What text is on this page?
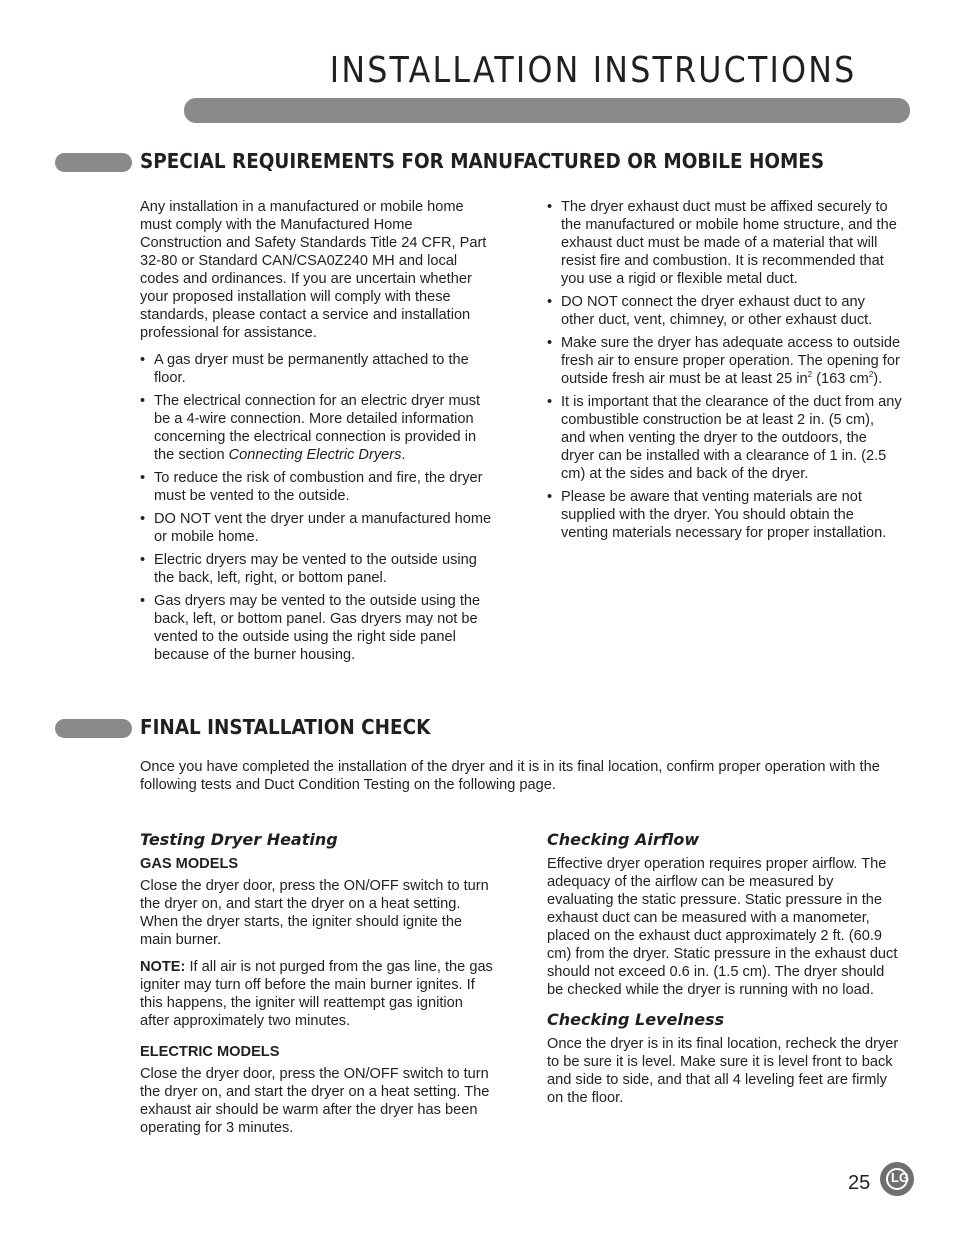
INSTALLATION INSTRUCTIONS
SPECIAL REQUIREMENTS FOR MANUFACTURED OR MOBILE HOMES

Any installation in a manufactured or mobile home must comply with the Manufactured Home Construction and Safety Standards Title 24 CFR, Part 32-80 or Standard CAN/CSA0Z240 MH and local codes and ordinances. If you are uncertain whether your proposed installation will comply with these standards, please contact a service and installation professional for assistance.

• A gas dryer must be permanently attached to the floor.
• The electrical connection for an electric dryer must be a 4-wire connection. More detailed information concerning the electrical connection is provided in the section Connecting Electric Dryers.
• To reduce the risk of combustion and fire, the dryer must be vented to the outside.
• DO NOT vent the dryer under a manufactured home or mobile home.
• Electric dryers may be vented to the outside using the back, left, right, or bottom panel.
• Gas dryers may be vented to the outside using the back, left, or bottom panel. Gas dryers may not be vented to the outside using the right side panel because of the burner housing.
• The dryer exhaust duct must be affixed securely to the manufactured or mobile home structure, and the exhaust duct must be made of a material that will resist fire and combustion. It is recommended that you use a rigid or flexible metal duct.
• DO NOT connect the dryer exhaust duct to any other duct, vent, chimney, or other exhaust duct.
• Make sure the dryer has adequate access to outside fresh air to ensure proper operation. The opening for outside fresh air must be at least 25 $in^2$ (163 $cm^2$).
• It is important that the clearance of the duct from any combustible construction be at least 2 in. (5 cm), and when venting the dryer to the outdoors, the dryer can be installed with a clearance of 1 in. (2.5 cm) at the sides and back of the dryer.
• Please be aware that venting materials are not supplied with the dryer. You should obtain the venting materials necessary for proper installation.
FINAL INSTALLATION CHECK
Once you have completed the installation of the dryer and it is in its final location, confirm proper operation with the following tests and Duct Condition Testing on the following page.
Testing Dryer Heating
GAS MODELS

Close the dryer door, press the ON/OFF switch to turn the dryer on, and start the dryer on a heat setting. When the dryer starts, the igniter should ignite the main burner.

NOTE: If all air is not purged from the gas line, the gas igniter may turn off before the main burner ignites. If this happens, the igniter will reattempt gas ignition after approximately two minutes.

ELECTRIC MODELS

Close the dryer door, press the ON/OFF switch to turn the dryer on, and start the dryer on a heat setting. The exhaust air should be warm after the dryer has been operating for 3 minutes.

Checking Airflow

Effective dryer operation requires proper airflow. The adequacy of the airflow can be measured by evaluating the static pressure. Static pressure in the exhaust duct can be measured with a manometer, placed on the exhaust duct approximately 2 ft. (60.9 cm) from the dryer. Static pressure in the exhaust duct should not exceed 0.6 in. (1.5 cm). The dryer should be checked while the dryer is running with no load.

Checking Levelness

Once the dryer is in its final location, recheck the dryer to be sure it is level. Make sure it is level front to back and side to side, and that all 4 leveling feet are firmly on the floor.

25 LG
